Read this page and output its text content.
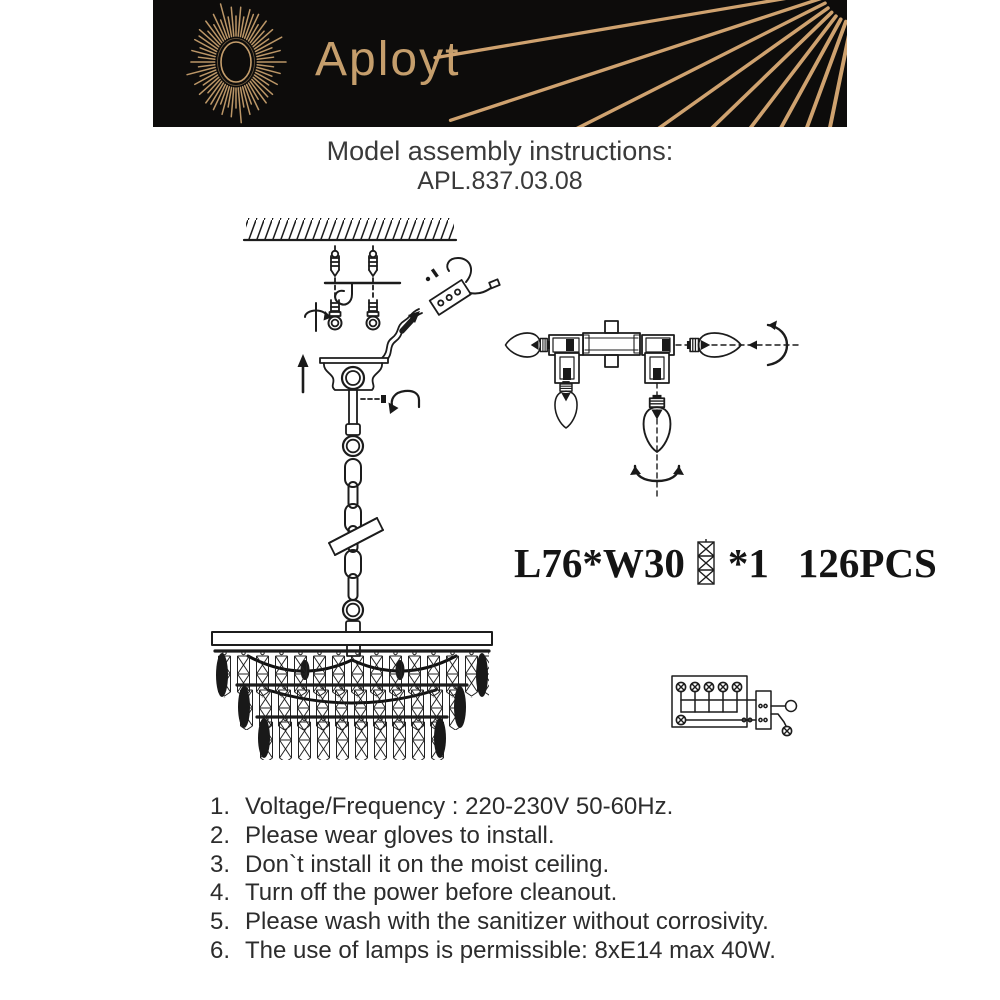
Aployt
Model assembly instructions:
APL.837.03.08
L76*W30 *1 126PCS
1. Voltage/Frequency : 220-230V 50-60Hz.
2. Please wear gloves to install.
3. Don`t install it on the moist ceiling.
4. Turn off the power before cleanout.
5. Please wash with the sanitizer without corrosivity.
6. The use of lamps is permissible: 8xE14 max 40W.
